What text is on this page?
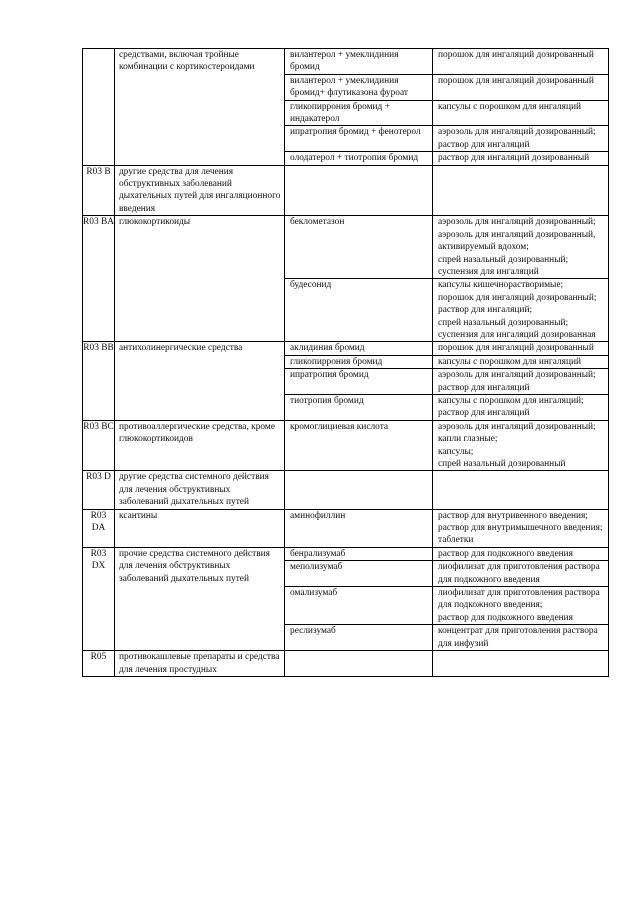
	средствами, включая тройные комбинации с кортикостероидами	вилантерол + умеклидиния бромид	порошок для ингаляций дозированный

		вилантерол + умеклидиния бромид+ флутиказона фуроат	порошок для ингаляций дозированный

		гликопиррония бромид + индакатерол	капсулы с порошком для ингаляций

		ипратропия бромид + фенотерол	аэрозоль для ингаляций дозированный;
раствор для ингаляций

		олодатерол + тиотропия бромид	раствор для ингаляций дозированный

R03 B	другие средства для лечения обструктивных заболеваний дыхательных путей для ингаляционного введения		
R03 BA	глюкокортикоиды	беклометазон	аэрозоль для ингаляций дозированный;
аэрозоль для ингаляций дозированный, активируемый вдохом;
спрей назальный дозированный;
суспензия для ингаляций

		будесонид	капсулы кишечнорастворимые;
порошок для ингаляций дозированный;
раствор для ингаляций;
спрей назальный дозированный;
суспензия для ингаляций дозированная

R03 BB	антихолинергические средства	аклидиния бромид	порошок для ингаляций дозированный

		гликопиррония бромид	капсулы с порошком для ингаляций

		ипратропия бромид	аэрозоль для ингаляций дозированный; раствор для ингаляций

		тиотропия бромид	капсулы с порошком для ингаляций;
раствор для ингаляций

R03 BC	противоаллергические средства, кроме глюкокортикоидов	кромоглициевая кислота	аэрозоль для ингаляций дозированный;
капли глазные;
капсулы;
спрей назальный дозированный

R03 D	другие средства системного действия для лечения обструктивных заболеваний дыхательных путей		
R03 DA	ксантины	аминофиллин	раствор для внутривенного введения;
раствор для внутримышечного введения;
таблетки

R03 DX	прочие средства системного действия для лечения обструктивных заболеваний дыхательных путей	бенрализумаб	раствор для подкожного введения

		меполизумаб	лиофилизат для приготовления раствора для подкожного введения

		омализумаб	лиофилизат для приготовления раствора для подкожного введения;
раствор для подкожного введения

		реслизумаб	концентрат для приготовления раствора для инфузий

R05	противокашлевые препараты и средства для лечения простудных		
